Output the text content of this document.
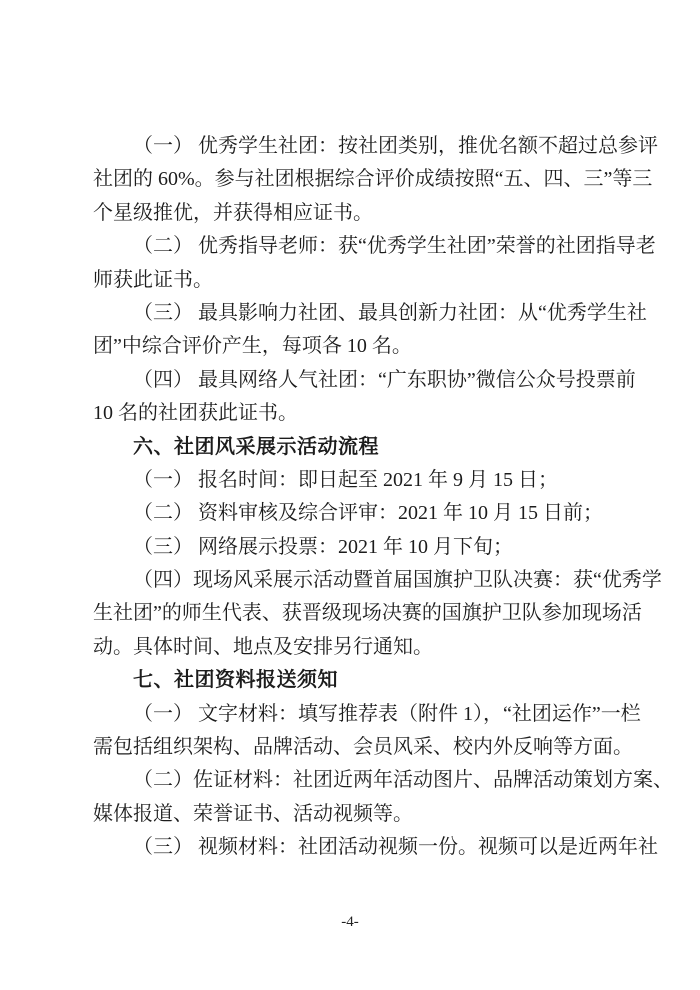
（一） 优秀学生社团：按社团类别，推优名额不超过总参评
社团的 60%。参与社团根据综合评价成绩按照“五、四、三”等三
个星级推优，并获得相应证书。
（二） 优秀指导老师：获“优秀学生社团”荣誉的社团指导老
师获此证书。
（三） 最具影响力社团、最具创新力社团：从“优秀学生社
团”中综合评价产生，每项各 10 名。
（四） 最具网络人气社团：“广东职协”微信公众号投票前
10 名的社团获此证书。
六、社团风采展示活动流程
（一） 报名时间：即日起至 2021 年 9 月 15 日；
（二） 资料审核及综合评审：2021 年 10 月 15 日前；
（三） 网络展示投票：2021 年 10 月下旬；
（四）现场风采展示活动暨首届国旗护卫队决赛：获“优秀学
生社团”的师生代表、获晋级现场决赛的国旗护卫队参加现场活
动。具体时间、地点及安排另行通知。
七、社团资料报送须知
（一） 文字材料：填写推荐表（附件 1），“社团运作”一栏
需包括组织架构、品牌活动、会员风采、校内外反响等方面。
（二）佐证材料：社团近两年活动图片、品牌活动策划方案、
媒体报道、荣誉证书、活动视频等。
（三） 视频材料：社团活动视频一份。视频可以是近两年社
-4-
